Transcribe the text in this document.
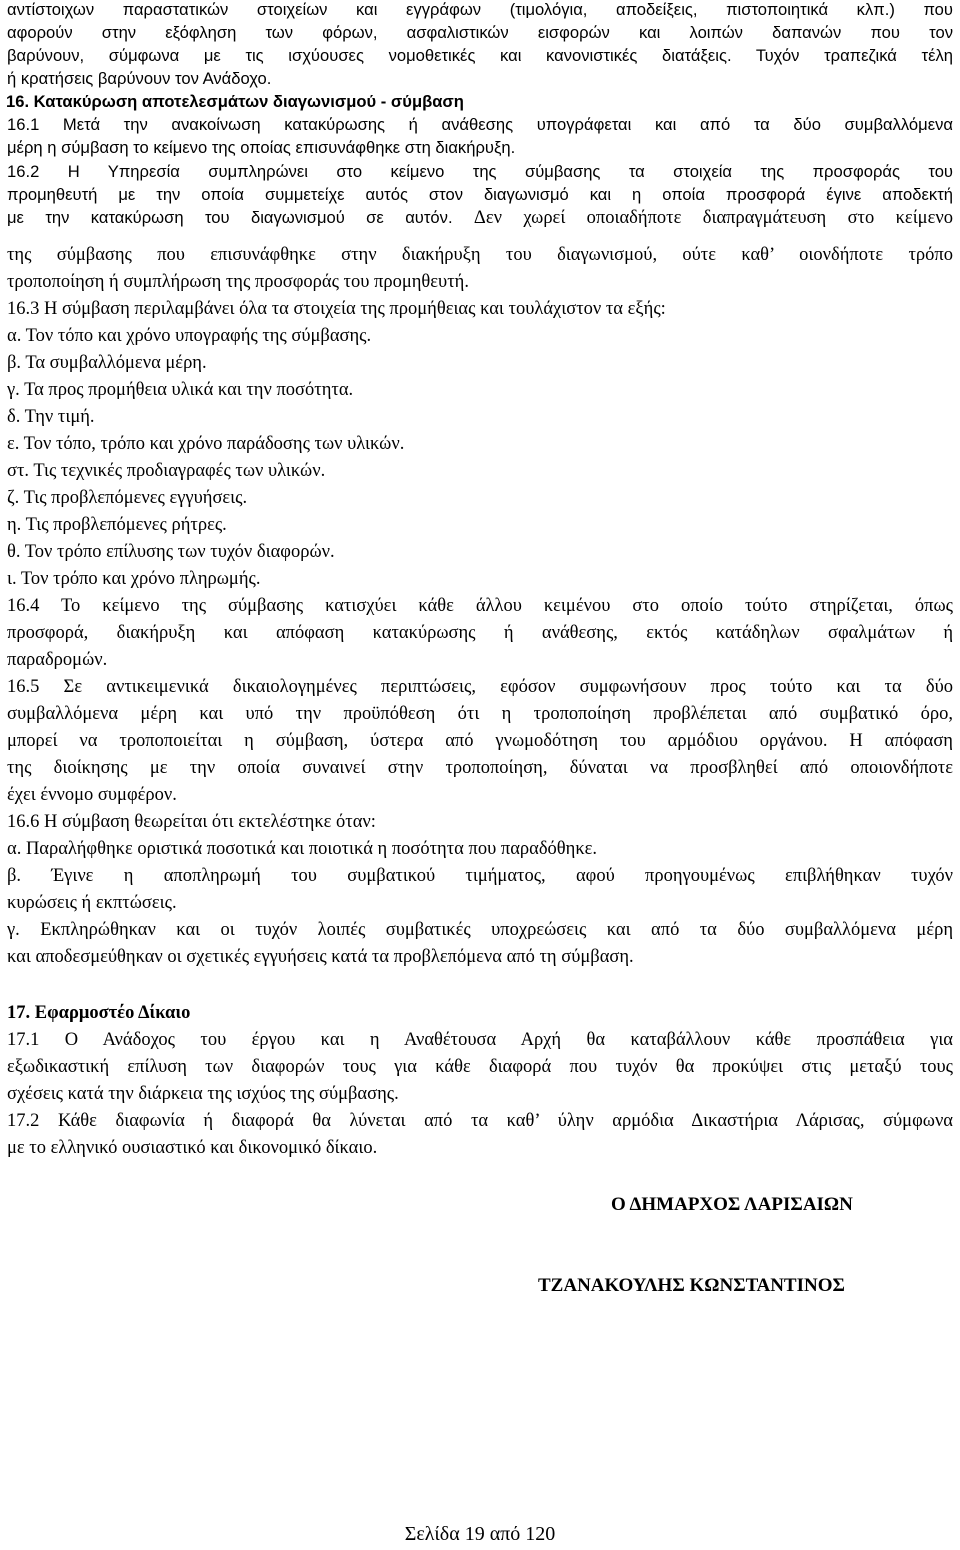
αντίστοιχων παραστατικών στοιχείων και εγγράφων (τιμολόγια, αποδείξεις, πιστοποιητικά κλπ.) που
αφορούν στην εξόφληση των φόρων, ασφαλιστικών εισφορών και λοιπών δαπανών που τον
βαρύνουν, σύμφωνα με τις ισχύουσες νομοθετικές και κανονιστικές διατάξεις. Τυχόν τραπεζικά τέλη
ή κρατήσεις βαρύνουν τον Ανάδοχο.
16. Κατακύρωση αποτελεσμάτων διαγωνισμού - σύμβαση
16.1 Μετά την ανακοίνωση κατακύρωσης ή ανάθεσης υπογράφεται και από τα δύο συμβαλλόμενα
μέρη η σύμβαση το κείμενο της οποίας επισυνάφθηκε στη διακήρυξη.
16.2 Η Υπηρεσία συμπληρώνει στο κείμενο της σύμβασης τα στοιχεία της προσφοράς του
προμηθευτή με την οποία συμμετείχε αυτός στον διαγωνισμό και η οποία προσφορά έγινε αποδεκτή
με την κατακύρωση του διαγωνισμού σε αυτόν. Δεν χωρεί οποιαδήποτε διαπραγμάτευση στο κείμενο
της σύμβασης που επισυνάφθηκε στην διακήρυξη του διαγωνισμού, ούτε καθ’ οιονδήποτε τρόπο
τροποποίηση ή συμπλήρωση της προσφοράς του προμηθευτή.
16.3 Η σύμβαση περιλαμβάνει όλα τα στοιχεία της προμήθειας και τουλάχιστον τα εξής:
α. Τον τόπο και χρόνο υπογραφής της σύμβασης.
β. Τα συμβαλλόμενα μέρη.
γ. Τα προς προμήθεια υλικά και την ποσότητα.
δ. Την τιμή.
ε. Τον τόπο, τρόπο και χρόνο παράδοσης των υλικών.
στ. Τις τεχνικές προδιαγραφές των υλικών.
ζ. Τις προβλεπόμενες εγγυήσεις.
η. Τις προβλεπόμενες ρήτρες.
θ. Τον τρόπο επίλυσης των τυχόν διαφορών.
ι. Τον τρόπο και χρόνο πληρωμής.
16.4 Το κείμενο της σύμβασης κατισχύει κάθε άλλου κειμένου στο οποίο τούτο στηρίζεται, όπως
προσφορά, διακήρυξη και απόφαση κατακύρωσης ή ανάθεσης, εκτός κατάδηλων σφαλμάτων ή
παραδρομών.
16.5 Σε αντικειμενικά δικαιολογημένες περιπτώσεις, εφόσον συμφωνήσουν προς τούτο και τα δύο
συμβαλλόμενα μέρη και υπό την προϋπόθεση ότι η τροποποίηση προβλέπεται από συμβατικό όρο,
μπορεί να τροποποιείται η σύμβαση, ύστερα από γνωμοδότηση του αρμόδιου οργάνου. Η απόφαση
της διοίκησης με την οποία συναινεί στην τροποποίηση, δύναται να προσβληθεί από οποιονδήποτε
έχει έννομο συμφέρον.
16.6 Η σύμβαση θεωρείται ότι εκτελέστηκε όταν:
α. Παραλήφθηκε οριστικά ποσοτικά και ποιοτικά η ποσότητα που παραδόθηκε.
β. Έγινε η αποπληρωμή του συμβατικού τιμήματος, αφού προηγουμένως επιβλήθηκαν τυχόν
κυρώσεις ή εκπτώσεις.
γ. Εκπληρώθηκαν και οι τυχόν λοιπές συμβατικές υποχρεώσεις και από τα δύο συμβαλλόμενα μέρη
και αποδεσμεύθηκαν οι σχετικές εγγυήσεις κατά τα προβλεπόμενα από τη σύμβαση.
17. Εφαρμοστέο Δίκαιο
17.1 Ο Ανάδοχος του έργου και η Αναθέτουσα Αρχή θα καταβάλλουν κάθε προσπάθεια για
εξωδικαστική επίλυση των διαφορών τους για κάθε διαφορά που τυχόν θα προκύψει στις μεταξύ τους
σχέσεις κατά την διάρκεια της ισχύος της σύμβασης.
17.2 Κάθε διαφωνία ή διαφορά θα λύνεται από τα καθ’ ύλην αρμόδια Δικαστήρια Λάρισας, σύμφωνα
με το ελληνικό ουσιαστικό και δικονομικό δίκαιο.
Ο ΔΗΜΑΡΧΟΣ ΛΑΡΙΣΑΙΩΝ
ΤΖΑΝΑΚΟΥΛΗΣ ΚΩΝΣΤΑΝΤΙΝΟΣ
Σελίδα 19 από 120
